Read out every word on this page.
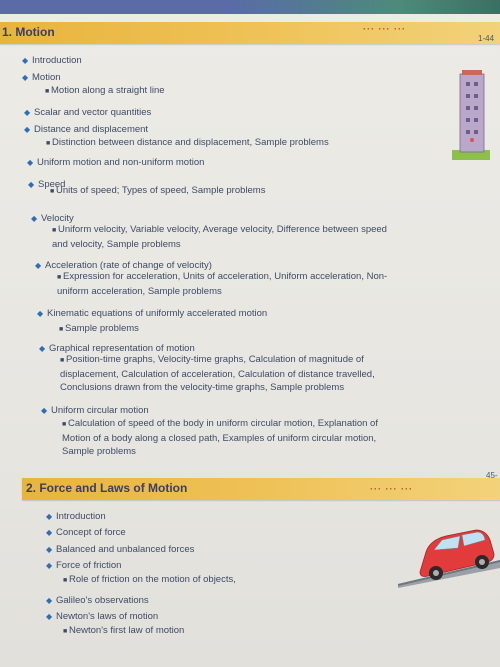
1. Motion	··· ··· ···
1-44
◆ Introduction
◆ Motion
■ Motion along a straight line
◆ Scalar and vector quantities
◆ Distance and displacement
■ Distinction between distance and displacement, Sample problems
◆ Uniform motion and non-uniform motion
◆ Speed
■ Units of speed; Types of speed, Sample problems
◆ Velocity
■ Uniform velocity, Variable velocity, Average velocity, Difference between speed and velocity, Sample problems
◆ Acceleration (rate of change of velocity)
■ Expression for acceleration, Units of acceleration, Uniform acceleration, Non-uniform acceleration, Sample problems
◆ Kinematic equations of uniformly accelerated motion
■ Sample problems
◆ Graphical representation of motion
■ Position-time graphs, Velocity-time graphs, Calculation of magnitude of displacement, Calculation of acceleration, Calculation of distance travelled, Conclusions drawn from the velocity-time graphs, Sample problems
◆ Uniform circular motion
■ Calculation of speed of the body in uniform circular motion, Explanation of Motion of a body along a closed path, Examples of uniform circular motion, Sample problems
2. Force and Laws of Motion	··· ··· ···
45-
◆ Introduction
◆ Concept of force
◆ Balanced and unbalanced forces
◆ Force of friction
■ Role of friction on the motion of objects,
◆ Galileo's observations
◆ Newton's laws of motion
■ Newton's first law of motion
